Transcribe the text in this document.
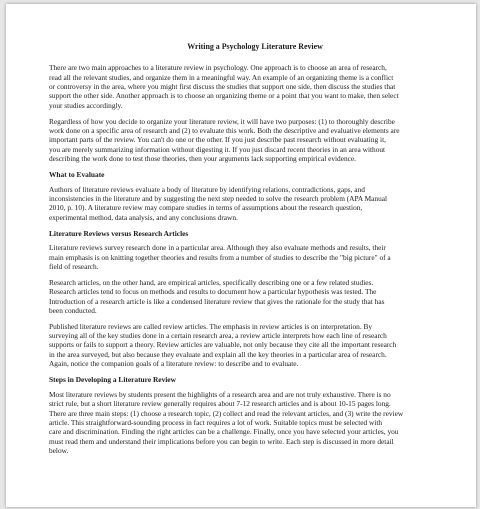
Writing a Psychology Literature Review

There are two main approaches to a literature review in psychology. One approach is to choose an area of research,
read all the relevant studies, and organize them in a meaningful way. An example of an organizing theme is a conflict
or controversy in the area, where you might first discuss the studies that support one side, then discuss the studies that
support the other side. Another approach is to choose an organizing theme or a point that you want to make, then select
your studies accordingly.

Regardless of how you decide to organize your literature review, it will have two purposes: (1) to thoroughly describe
work done on a specific area of research and (2) to evaluate this work. Both the descriptive and evaluative elements are
important parts of the review. You can't do one or the other. If you just describe past research without evaluating it,
you are merely summarizing information without digesting it. If you just discard recent theories in an area without
describing the work done to test those theories, then your arguments lack supporting empirical evidence.

What to Evaluate

Authors of literature reviews evaluate a body of literature by identifying relations, contradictions, gaps, and
inconsistencies in the literature and by suggesting the next step needed to solve the research problem (APA Manual
2010, p. 10). A literature review may compare studies in terms of assumptions about the research question,
experimental method, data analysis, and any conclusions drawn.

Literature Reviews versus Research Articles

Literature reviews survey research done in a particular area. Although they also evaluate methods and results, their
main emphasis is on knitting together theories and results from a number of studies to describe the "big picture" of a
field of research.

Research articles, on the other hand, are empirical articles, specifically describing one or a few related studies.
Research articles tend to focus on methods and results to document how a particular hypothesis was tested. The
Introduction of a research article is like a condensed literature review that gives the rationale for the study that has
been conducted.

Published literature reviews are called review articles. The emphasis in review articles is on interpretation. By
surveying all of the key studies done in a certain research area, a review article interprets how each line of research
supports or fails to support a theory. Review articles are valuable, not only because they cite all the important research
in the area surveyed, but also because they evaluate and explain all the key theories in a particular area of research.
Again, notice the companion goals of a literature review: to describe and to evaluate.

Steps in Developing a Literature Review

Most literature reviews by students present the highlights of a research area and are not truly exhaustive. There is no
strict rule, but a short literature review generally requires about 7-12 research articles and is about 10-15 pages long.
There are three main steps: (1) choose a research topic, (2) collect and read the relevant articles, and (3) write the review
article. This straightforward-sounding process in fact requires a lot of work. Suitable topics must be selected with
care and discrimination. Finding the right articles can be a challenge. Finally, once you have selected your articles, you
must read them and understand their implications before you can begin to write. Each step is discussed in more detail
below.
